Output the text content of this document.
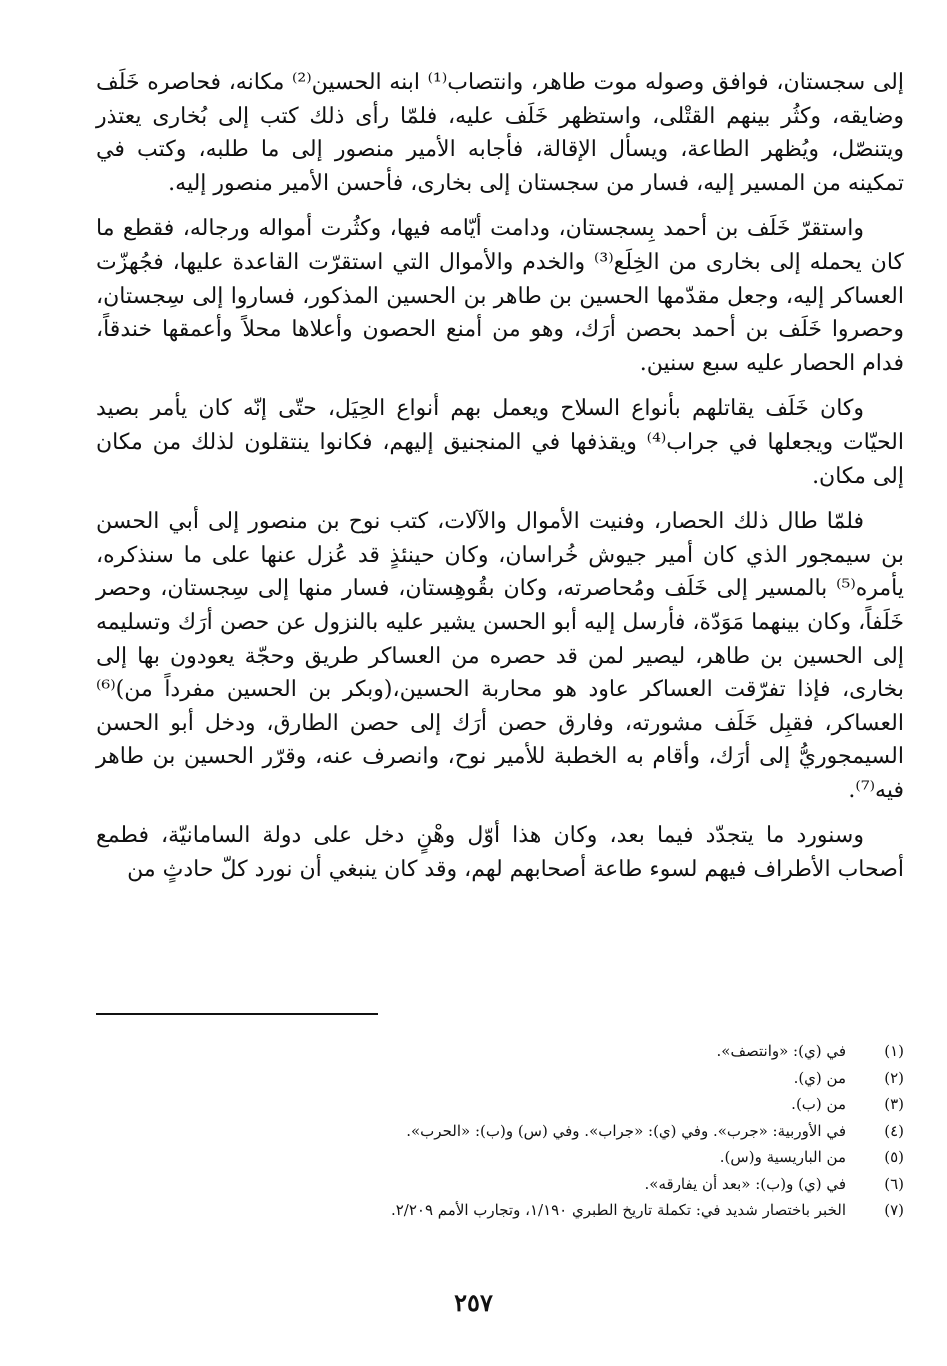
إلى سجستان، فوافق وصوله موت طاهر، وانتصاب⁽¹⁾ ابنه الحسين⁽²⁾ مكانه، فحاصره خَلَف وضايقه، وكثُر بينهم القتْلى، واستظهر خَلَف عليه، فلمّا رأى ذلك كتب إلى بُخارى يعتذر ويتنصّل، ويُظهر الطاعة، ويسأل الإقالة، فأجابه الأمير منصور إلى ما طلبه، وكتب في تمكينه من المسير إليه، فسار من سجستان إلى بخارى، فأحسن الأمير منصور إليه.

واستقرّ خَلَف بن أحمد بِسجستان، ودامت أيّامه فيها، وكثُرت أمواله ورجاله، فقطع ما كان يحمله إلى بخارى من الخِلَع⁽³⁾ والخدم والأموال التي استقرّت القاعدة عليها، فجُهزّت العساكر إليه، وجعل مقدّمها الحسين بن طاهر بن الحسين المذكور، فساروا إلى سِجستان، وحصروا خَلَف بن أحمد بحصن أرَك، وهو من أمنع الحصون وأعلاها محلاً وأعمقها خندقاً، فدام الحصار عليه سبع سنين.

وكان خَلَف يقاتلهم بأنواع السلاح ويعمل بهم أنواع الحِيَل، حتّى إنّه كان يأمر بصيد الحيّات ويجعلها في جراب⁽⁴⁾ ويقذفها في المنجنيق إليهم، فكانوا ينتقلون لذلك من مكان إلى مكان.

فلمّا طال ذلك الحصار، وفنيت الأموال والآلات، كتب نوح بن منصور إلى أبي الحسن بن سيمجور الذي كان أمير جيوش خُراسان، وكان حينئذٍ قد عُزل عنها على ما سنذكره، يأمره⁽⁵⁾ بالمسير إلى خَلَف ومُحاصرته، وكان بقُوهِستان، فسار منها إلى سِجستان، وحصر خَلَفاً، وكان بينهما مَوَدّة، فأرسل إليه أبو الحسن يشير عليه بالنزول عن حصن أرَك وتسليمه إلى الحسين بن طاهر، ليصير لمن قد حصره من العساكر طريق وحجّة يعودون بها إلى بخارى، فإذا تفرّقت العساكر عاود هو محاربة الحسين،(وبكر بن الحسين مفرداً من)⁽⁶⁾ العساكر، فقبِل خَلَف مشورته، وفارق حصن أرَك إلى حصن الطارق، ودخل أبو الحسن السيمجوريُّ إلى أرَك، وأقام به الخطبة للأمير نوح، وانصرف عنه، وقرّر الحسين بن طاهر فيه⁽⁷⁾.

وسنورد ما يتجدّد فيما بعد، وكان هذا أوّل وهْنٍ دخل على دولة السامانيّة، فطمع أصحاب الأطراف فيهم لسوء طاعة أصحابهم لهم، وقد كان ينبغي أن نورد كلّ حادثٍ من

(١)
في (ي): «وانتصف».
(٢)
من (ي).
(٣)
من (ب).
(٤)
في الأوربية: «جرب». وفي (ي): «جراب». وفي (س) و(ب): «الحرب».
(٥)
من الباريسية و(س).
(٦)
في (ي) و(ب): «بعد أن يفارقه».
(٧)
الخبر باختصار شديد في: تكملة تاريخ الطبري ١/١٩٠، وتجارب الأمم ٢/٢٠٩.
٢٥٧
